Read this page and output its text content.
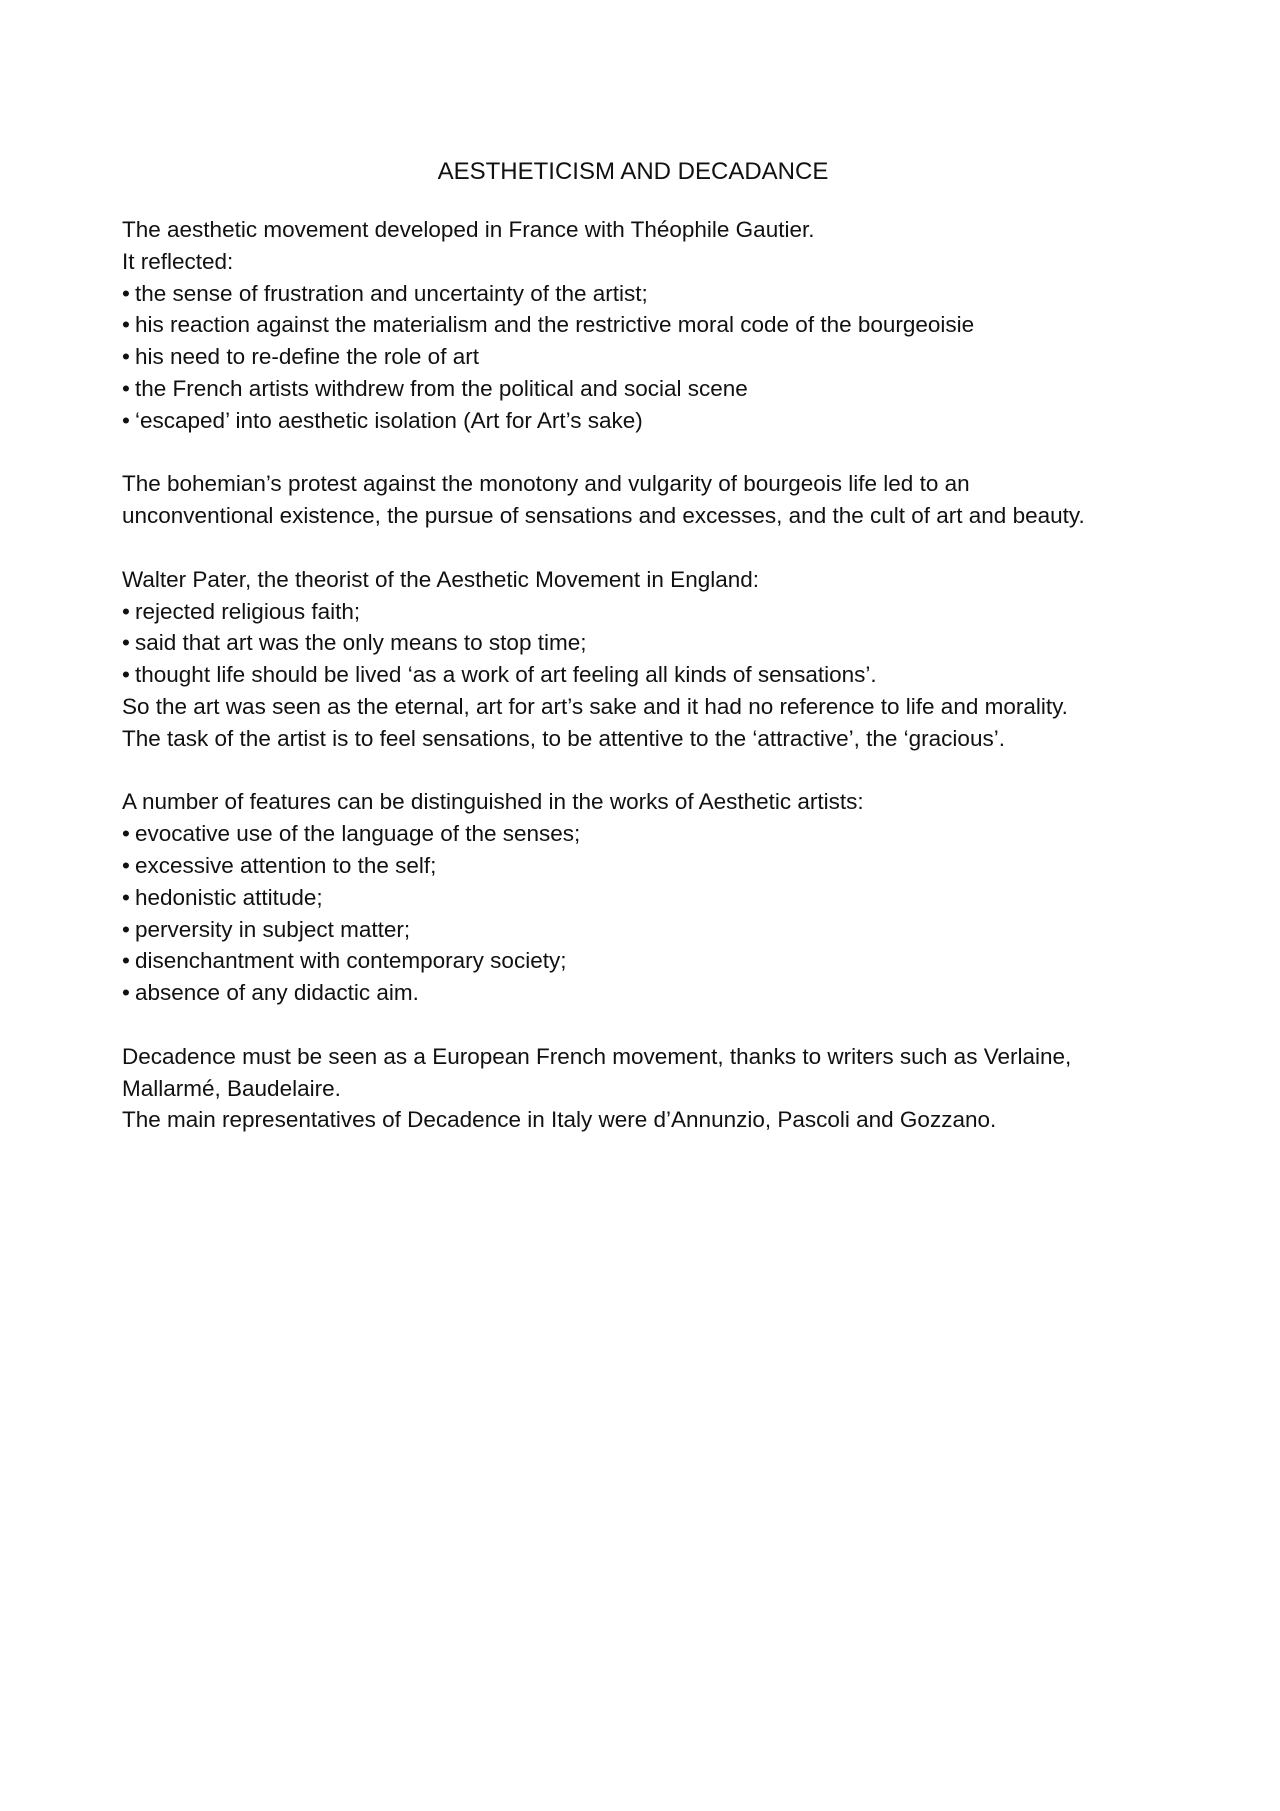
AESTHETICISM AND DECADANCE

The aesthetic movement developed in France with Théophile Gautier.

It reflected:

• the sense of frustration and uncertainty of the artist;

• his reaction against the materialism and the restrictive moral code of the bourgeoisie

• his need to re-define the role of art

• the French artists withdrew from the political and social scene

• ‘escaped’ into aesthetic isolation (Art for Art’s sake)

The bohemian’s protest against the monotony and vulgarity of bourgeois life led to an

unconventional existence, the pursue of sensations and excesses, and the cult of art and beauty.

Walter Pater, the theorist of the Aesthetic Movement in England:

• rejected religious faith;

• said that art was the only means to stop time;

• thought life should be lived ‘as a work of art feeling all kinds of sensations’.

So the art was seen as the eternal, art for art’s sake and it had no reference to life and morality.

The task of the artist is to feel sensations, to be attentive to the ‘attractive’, the ‘gracious’.

A number of features can be distinguished in the works of Aesthetic artists:

• evocative use of the language of the senses;

• excessive attention to the self;

• hedonistic attitude;

• perversity in subject matter;

• disenchantment with contemporary society;

• absence of any didactic aim.

Decadence must be seen as a European French movement, thanks to writers such as Verlaine,

Mallarmé, Baudelaire.

The main representatives of Decadence in Italy were d’Annunzio, Pascoli and Gozzano.
